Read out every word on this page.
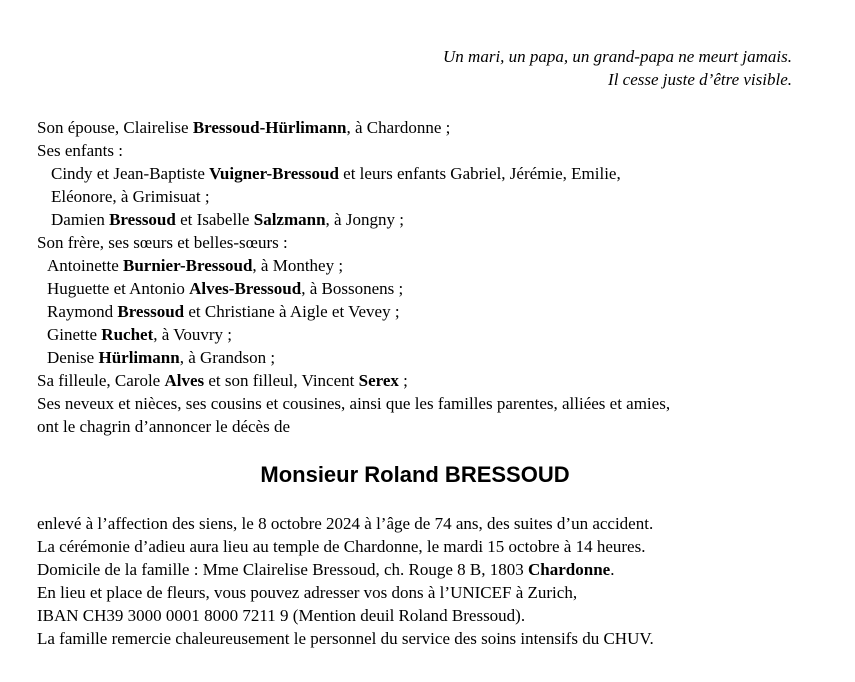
Un mari, un papa, un grand-papa ne meurt jamais.
Il cesse juste d’être visible.
Son épouse, Clairelise Bressoud-Hürlimann, à Chardonne ;
Ses enfants :
Cindy et Jean-Baptiste Vuigner-Bressoud et leurs enfants Gabriel, Jérémie, Emilie,
Eléonore, à Grimisuat ;
Damien Bressoud et Isabelle Salzmann, à Jongny ;
Son frère, ses sœurs et belles-sœurs :
Antoinette Burnier-Bressoud, à Monthey ;
Huguette et Antonio Alves-Bressoud, à Bossonens ;
Raymond Bressoud et Christiane à Aigle et Vevey ;
Ginette Ruchet, à Vouvry ;
Denise Hürlimann, à Grandson ;
Sa filleule, Carole Alves et son filleul, Vincent Serex ;
Ses neveux et nièces, ses cousins et cousines, ainsi que les familles parentes, alliées et amies,
ont le chagrin d’annoncer le décès de
Monsieur Roland BRESSOUD
enlevé à l’affection des siens, le 8 octobre 2024 à l’âge de 74 ans, des suites d’un accident.
La cérémonie d’adieu aura lieu au temple de Chardonne, le mardi 15 octobre à 14 heures.
Domicile de la famille : Mme Clairelise Bressoud, ch. Rouge 8 B, 1803 Chardonne.
En lieu et place de fleurs, vous pouvez adresser vos dons à l’UNICEF à Zurich,
IBAN CH39 3000 0001 8000 7211 9 (Mention deuil Roland Bressoud).
La famille remercie chaleureusement le personnel du service des soins intensifs du CHUV.
